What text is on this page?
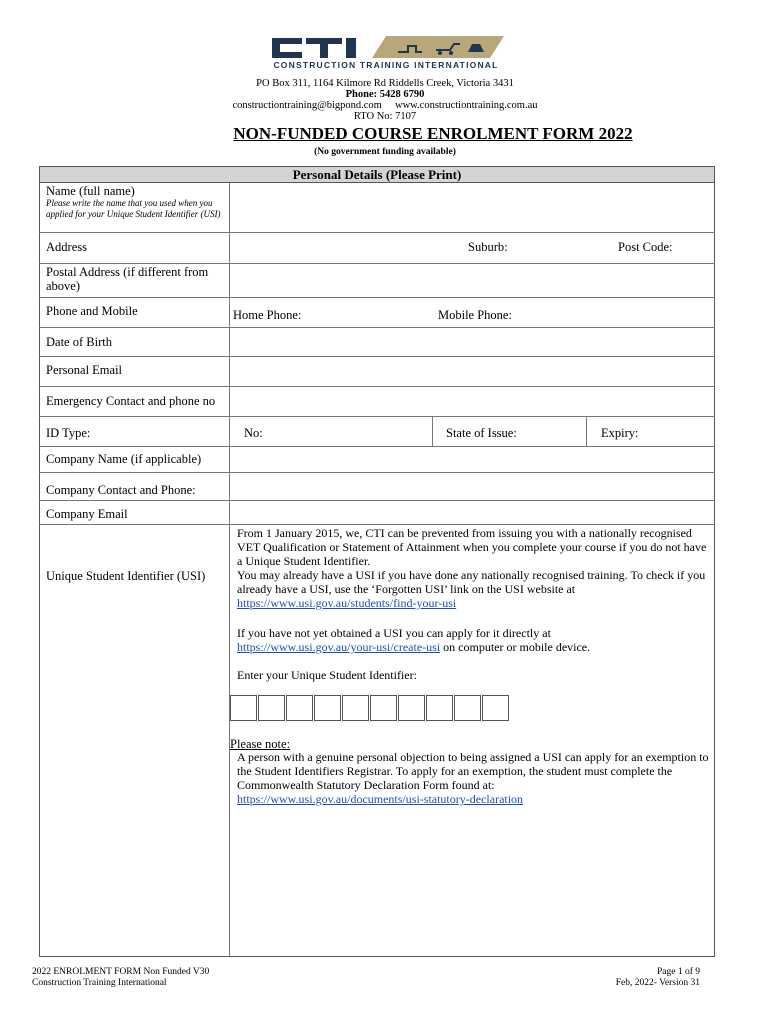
CONSTRUCTION TRAINING INTERNATIONAL
PO Box 311, 1164 Kilmore Rd Riddells Creek, Victoria 3431
Phone: 5428 6790
constructiontraining@bigpond.com www.constructiontraining.com.au
RTO No: 7107
NON-FUNDED COURSE ENROLMENT FORM 2022
(No government funding available)
Personal Details (Please Print)
Name (full name)
Please write the name that you used when you applied for your Unique Student Identifier (USI)
Address	Suburb:	Post Code:
Postal Address (if different from above)
Phone and Mobile	Home Phone:	Mobile Phone:
Date of Birth
Personal Email
Emergency Contact and phone no
ID Type:	No:	State of Issue:	Expiry:
Company Name (if applicable)
Company Contact and Phone:
Company Email
Unique Student Identifier (USI)
From 1 January 2015, we, CTI can be prevented from issuing you with a nationally recognised VET Qualification or Statement of Attainment when you complete your course if you do not have a Unique Student Identifier.
You may already have a USI if you have done any nationally recognised training. To check if you already have a USI, use the ‘Forgotten USI’ link on the USI website at
https://www.usi.gov.au/students/find-your-usi
If you have not yet obtained a USI you can apply for it directly at
https://www.usi.gov.au/your-usi/create-usi on computer or mobile device.
Enter your Unique Student Identifier:
Please note:
A person with a genuine personal objection to being assigned a USI can apply for an exemption to the Student Identifiers Registrar. To apply for an exemption, the student must complete the Commonwealth Statutory Declaration Form found at:
https://www.usi.gov.au/documents/usi-statutory-declaration
2022 ENROLMENT FORM Non Funded V30
Construction Training International
Page 1 of 9
Feb, 2022- Version 31
